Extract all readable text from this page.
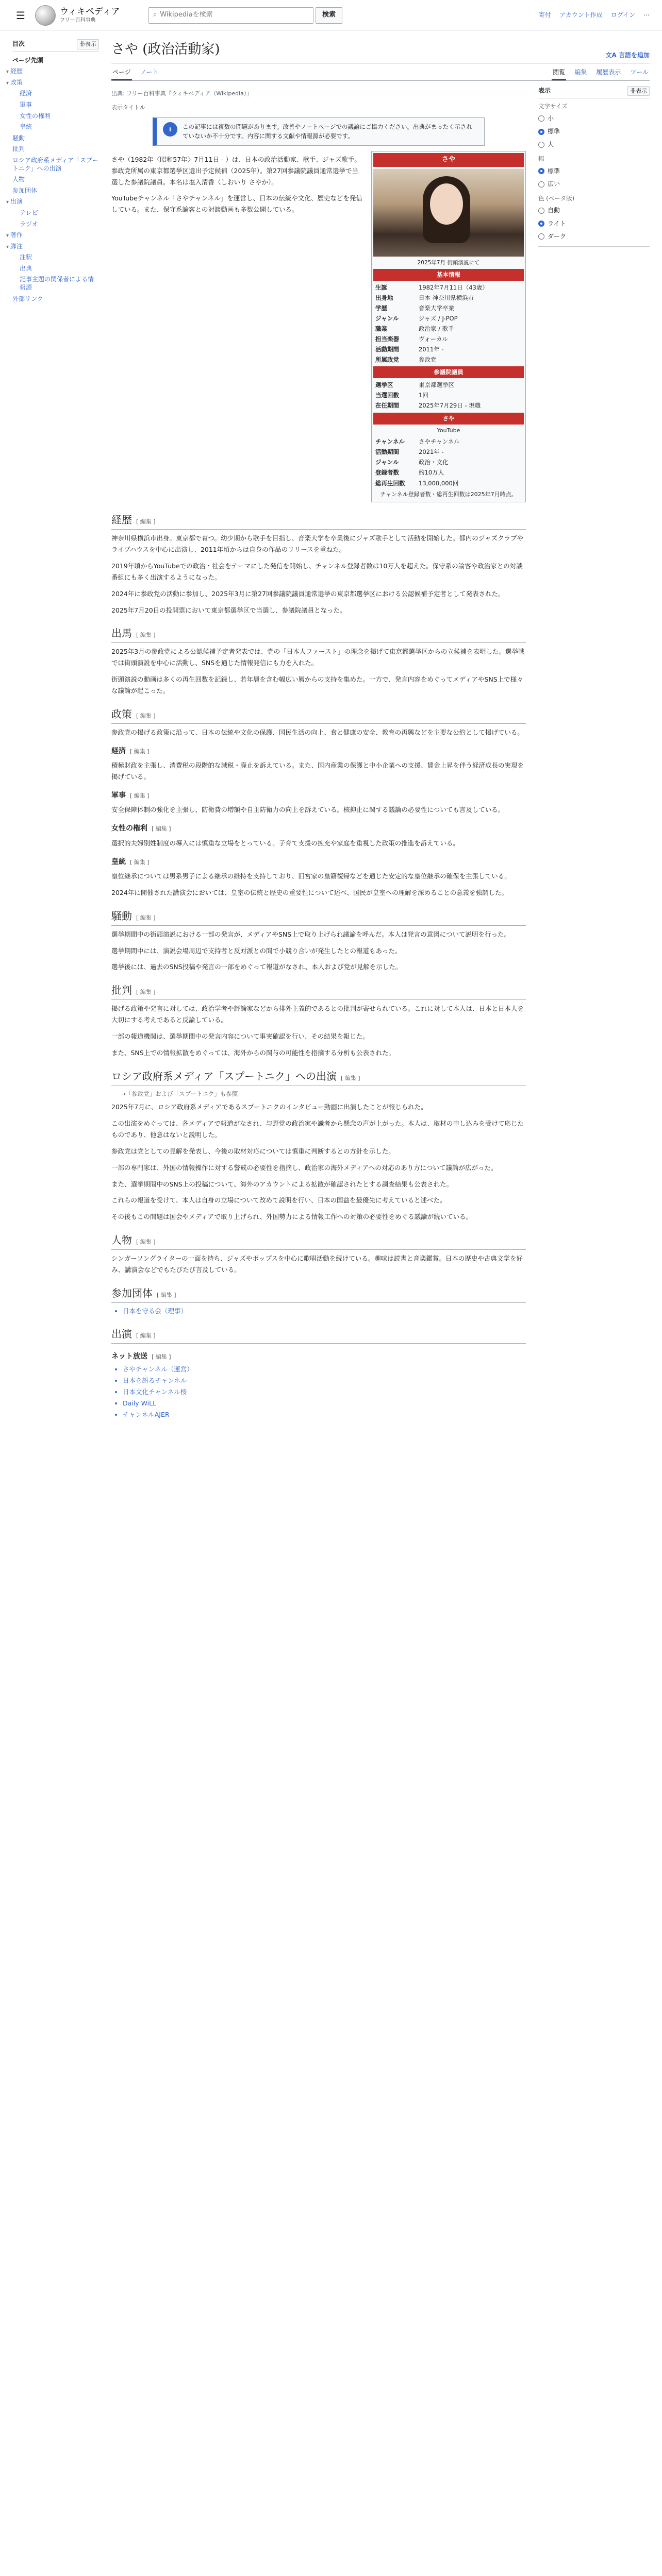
☰	ウィキペディア
フリー百科事典
⌕ Wikipediaを検索	検索	寄付 アカウント作成 ログイン ⋯
目次	非表示
ページ先頭
▾ 経歴
▾ 政策
経済
軍事
女性の権利
皇統
騒動
批判
ロシア政府系メディア「スプートニク」への出演
人物
参加団体
▾ 出演
テレビ
ラジオ
▾ 著作
▾ 脚注
注釈
出典
記事主題の関係者による情報源
外部リンク
さや (政治活動家)	文A 言語を追加
ページ ノート	閲覧 編集 履歴表示 ツール
出典: フリー百科事典『ウィキペディア（Wikipedia）』
表示タイトル
i	この記事には複数の問題があります。改善やノートページでの議論にご協力ください。出典がまったく示されていないか不十分です。内容に関する文献や情報源が必要です。

さや（1982年〈昭和57年〉7月11日 - ）は、日本の政治活動家、歌手、ジャズ歌手。参政党所属の東京都選挙区選出予定候補（2025年）。第27回参議院議員通常選挙で当選した参議院議員。本名は塩入清香（しおいり さやか）。

YouTubeチャンネル「さやチャンネル」を運営し、日本の伝統や文化、歴史などを発信している。また、保守系論客との対談動画も多数公開している。

さや
2025年7月 街頭演説にて
基本情報
生誕	1982年7月11日（43歳）
出身地	日本 神奈川県横浜市
学歴	音楽大学卒業
ジャンル	ジャズ / J-POP
職業	政治家 / 歌手
担当楽器	ヴォーカル
活動期間	2011年 -
所属政党	参政党
参議院議員
選挙区	東京都選挙区
当選回数	1回
在任期間	2025年7月29日 - 現職
さや
YouTube
チャンネル	さやチャンネル
活動期間	2021年 -
ジャンル	政治・文化
登録者数	約10万人
総再生回数	13,000,000回
チャンネル登録者数・総再生回数は2025年7月時点。
経歴 [ 編集 ]

神奈川県横浜市出身。東京都で育つ。幼少期から歌手を目指し、音楽大学を卒業後にジャズ歌手として活動を開始した。都内のジャズクラブやライブハウスを中心に出演し、2011年頃からは自身の作品のリリースを重ねた。

2019年頃からYouTubeでの政治・社会をテーマにした発信を開始し、チャンネル登録者数は10万人を超えた。保守系の論客や政治家との対談番組にも多く出演するようになった。

2024年に参政党の活動に参加し、2025年3月に第27回参議院議員通常選挙の東京都選挙区における公認候補予定者として発表された。

2025年7月20日の投開票において東京都選挙区で当選し、参議院議員となった。

出馬 [ 編集 ]

2025年3月の参政党による公認候補予定者発表では、党の「日本人ファースト」の理念を掲げて東京都選挙区からの立候補を表明した。選挙戦では街頭演説を中心に活動し、SNSを通じた情報発信にも力を入れた。

街頭演説の動画は多くの再生回数を記録し、若年層を含む幅広い層からの支持を集めた。一方で、発言内容をめぐってメディアやSNS上で様々な議論が起こった。

政策 [ 編集 ]

参政党の掲げる政策に沿って、日本の伝統や文化の保護、国民生活の向上、食と健康の安全、教育の再興などを主要な公約として掲げている。

経済 [ 編集 ]

積極財政を主張し、消費税の段階的な減税・廃止を訴えている。また、国内産業の保護と中小企業への支援、賃金上昇を伴う経済成長の実現を掲げている。

軍事 [ 編集 ]

安全保障体制の強化を主張し、防衛費の増額や自主防衛力の向上を訴えている。核抑止に関する議論の必要性についても言及している。

女性の権利 [ 編集 ]

選択的夫婦別姓制度の導入には慎重な立場をとっている。子育て支援の拡充や家庭を重視した政策の推進を訴えている。

皇統 [ 編集 ]

皇位継承については男系男子による継承の維持を支持しており、旧宮家の皇籍復帰などを通じた安定的な皇位継承の確保を主張している。

2024年に開催された講演会においては、皇室の伝統と歴史の重要性について述べ、国民が皇室への理解を深めることの意義を強調した。

騒動 [ 編集 ]

選挙期間中の街頭演説における一部の発言が、メディアやSNS上で取り上げられ議論を呼んだ。本人は発言の意図について説明を行った。

選挙期間中には、演説会場周辺で支持者と反対派との間で小競り合いが発生したとの報道もあった。

選挙後には、過去のSNS投稿や発言の一部をめぐって報道がなされ、本人および党が見解を示した。

批判 [ 編集 ]

掲げる政策や発言に対しては、政治学者や評論家などから排外主義的であるとの批判が寄せられている。これに対して本人は、日本と日本人を大切にする考えであると反論している。

一部の報道機関は、選挙期間中の発言内容について事実確認を行い、その結果を報じた。

また、SNS上での情報拡散をめぐっては、海外からの関与の可能性を指摘する分析も公表された。

ロシア政府系メディア「スプートニク」への出演 [ 編集 ]
→「参政党」および「スプートニク」も参照

2025年7月に、ロシア政府系メディアであるスプートニクのインタビュー動画に出演したことが報じられた。

この出演をめぐっては、各メディアで報道がなされ、与野党の政治家や識者から懸念の声が上がった。本人は、取材の申し込みを受けて応じたものであり、他意はないと説明した。

参政党は党としての見解を発表し、今後の取材対応については慎重に判断するとの方針を示した。

一部の専門家は、外国の情報操作に対する警戒の必要性を指摘し、政治家の海外メディアへの対応のあり方について議論が広がった。

また、選挙期間中のSNS上の投稿について、海外のアカウントによる拡散が確認されたとする調査結果も公表された。

これらの報道を受けて、本人は自身の立場について改めて説明を行い、日本の国益を最優先に考えていると述べた。

その後もこの問題は国会やメディアで取り上げられ、外国勢力による情報工作への対策の必要性をめぐる議論が続いている。

人物 [ 編集 ]

シンガーソングライターの一面を持ち、ジャズやポップスを中心に歌唱活動を続けている。趣味は読書と音楽鑑賞。日本の歴史や古典文学を好み、講演会などでもたびたび言及している。

参加団体 [ 編集 ]
• 日本を守る会（理事）
出演 [ 編集 ]
ネット放送 [ 編集 ]
• さやチャンネル（運営）
• 日本を語るチャンネル
• 日本文化チャンネル桜
• Daily WiLL
• チャンネルAJER
表示	非表示
文字サイズ
小
標準
大
幅
標準
広い
色 (ベータ版)
自動
ライト
ダーク
